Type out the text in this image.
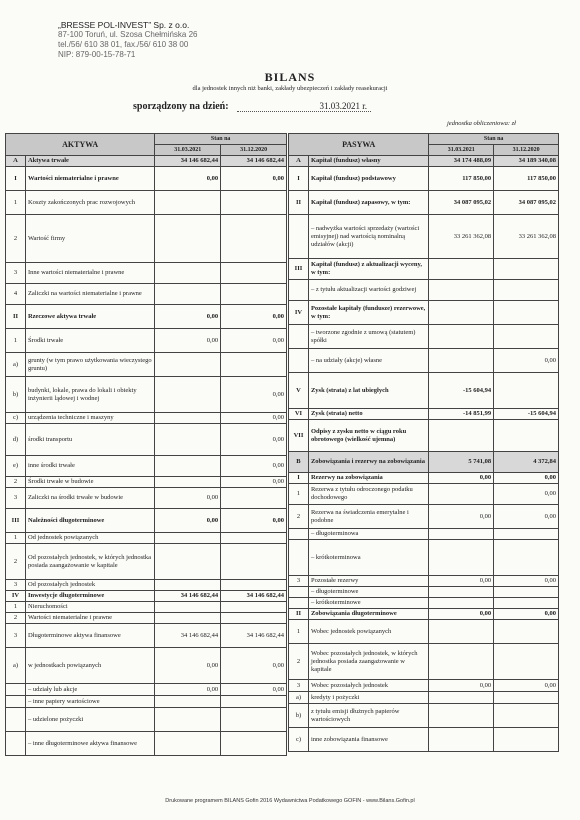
„BRESSE POL-INVEST” Sp. z o.o.
87-100 Toruń, ul. Szosa Chełmińska 26
tel./56/ 610 38 01, fax./56/ 610 38 00
NIP: 879-00-15-78-71
BILANS
dla jednostek innych niż banki, zakłady ubezpieczeń i zakłady reasekuracji
sporządzony na dzień:	31.03.2021 r.
jednostka obliczeniowa: zł
AKTYWA		Stan na	
		31.03.2021	31.12.2020
A	Aktywa trwałe	34 146 682,44	34 146 682,44
I	Wartości niematerialne i prawne	0,00	0,00
1	Koszty zakończonych prac rozwojowych		
2	Wartość firmy		
3	Inne wartości niematerialne i prawne		
4	Zaliczki na wartości niematerialne i prawne		
II	Rzeczowe aktywa trwałe	0,00	0,00
1	Środki trwałe	0,00	0,00
a)	grunty (w tym prawo użytkowania wieczystego gruntu)		
b)	budynki, lokale, prawa do lokali i obiekty inżynierii lądowej i wodnej		0,00
c)	urządzenia techniczne i maszyny		0,00
d)	środki transportu		0,00
e)	inne środki trwałe		0,00
2	Środki trwałe w budowie		0,00
3	Zaliczki na środki trwałe w budowie	0,00	
III	Należności długoterminowe	0,00	0,00
1	Od jednostek powiązanych		
2	Od pozostałych jednostek, w których jednostka posiada zaangażowanie w kapitale		
3	Od pozostałych jednostek		
IV	Inwestycje długoterminowe	34 146 682,44	34 146 682,44
1	Nieruchomości		
2	Wartości niematerialne i prawne		
3	Długoterminowe aktywa finansowe	34 146 682,44	34 146 682,44
a)	w jednostkach powiązanych	0,00	0,00
	– udziały lub akcje	0,00	0,00
	– inne papiery wartościowe		
	– udzielone pożyczki		
	– inne długoterminowe aktywa finansowe		
PASYWA		Stan na	
		31.03.2021	31.12.2020
A	Kapitał (fundusz) własny	34 174 488,09	34 189 340,08
I	Kapitał (fundusz) podstawowy	117 850,00	117 850,00
II	Kapitał (fundusz) zapasowy, w tym:	34 087 095,02	34 087 095,02
	– nadwyżka wartości sprzedaży (wartości emisyjnej) nad wartością nominalną udziałów (akcji)	33 261 362,08	33 261 362,08
III	Kapitał (fundusz) z aktualizacji wyceny, w tym:		
	– z tytułu aktualizacji wartości godziwej		
IV	Pozostałe kapitały (fundusze) rezerwowe, w tym:		
	– tworzone zgodnie z umową (statutem) spółki		
	– na udziały (akcje) własne		0,00
V	Zysk (strata) z lat ubiegłych	-15 604,94	
VI	Zysk (strata) netto	-14 851,99	-15 604,94
VII	Odpisy z zysku netto w ciągu roku obrotowego (wielkość ujemna)		
B	Zobowiązania i rezerwy na zobowiązania	5 741,08	4 372,84
I	Rezerwy na zobowiązania	0,00	0,00
1	Rezerwa z tytułu odroczonego podatku dochodowego		0,00
2	Rezerwa na świadczenia emerytalne i podobne	0,00	0,00
	– długoterminowa		
	– krótkoterminowa		
3	Pozostałe rezerwy	0,00	0,00
	– długoterminowe		
	– krótkoterminowe		
II	Zobowiązania długoterminowe	0,00	0,00
1	Wobec jednostek powiązanych		
2	Wobec pozostałych jednostek, w których jednostka posiada zaangażowanie w kapitale		
3	Wobec pozostałych jednostek	0,00	0,00
a)	kredyty i pożyczki		
b)	z tytułu emisji dłużnych papierów wartościowych		
c)	inne zobowiązania finansowe		
Drukowane programem BILANS Gofin 2016 Wydawnictwa Podatkowego GOFIN - www.Bilans.Gofin.pl
